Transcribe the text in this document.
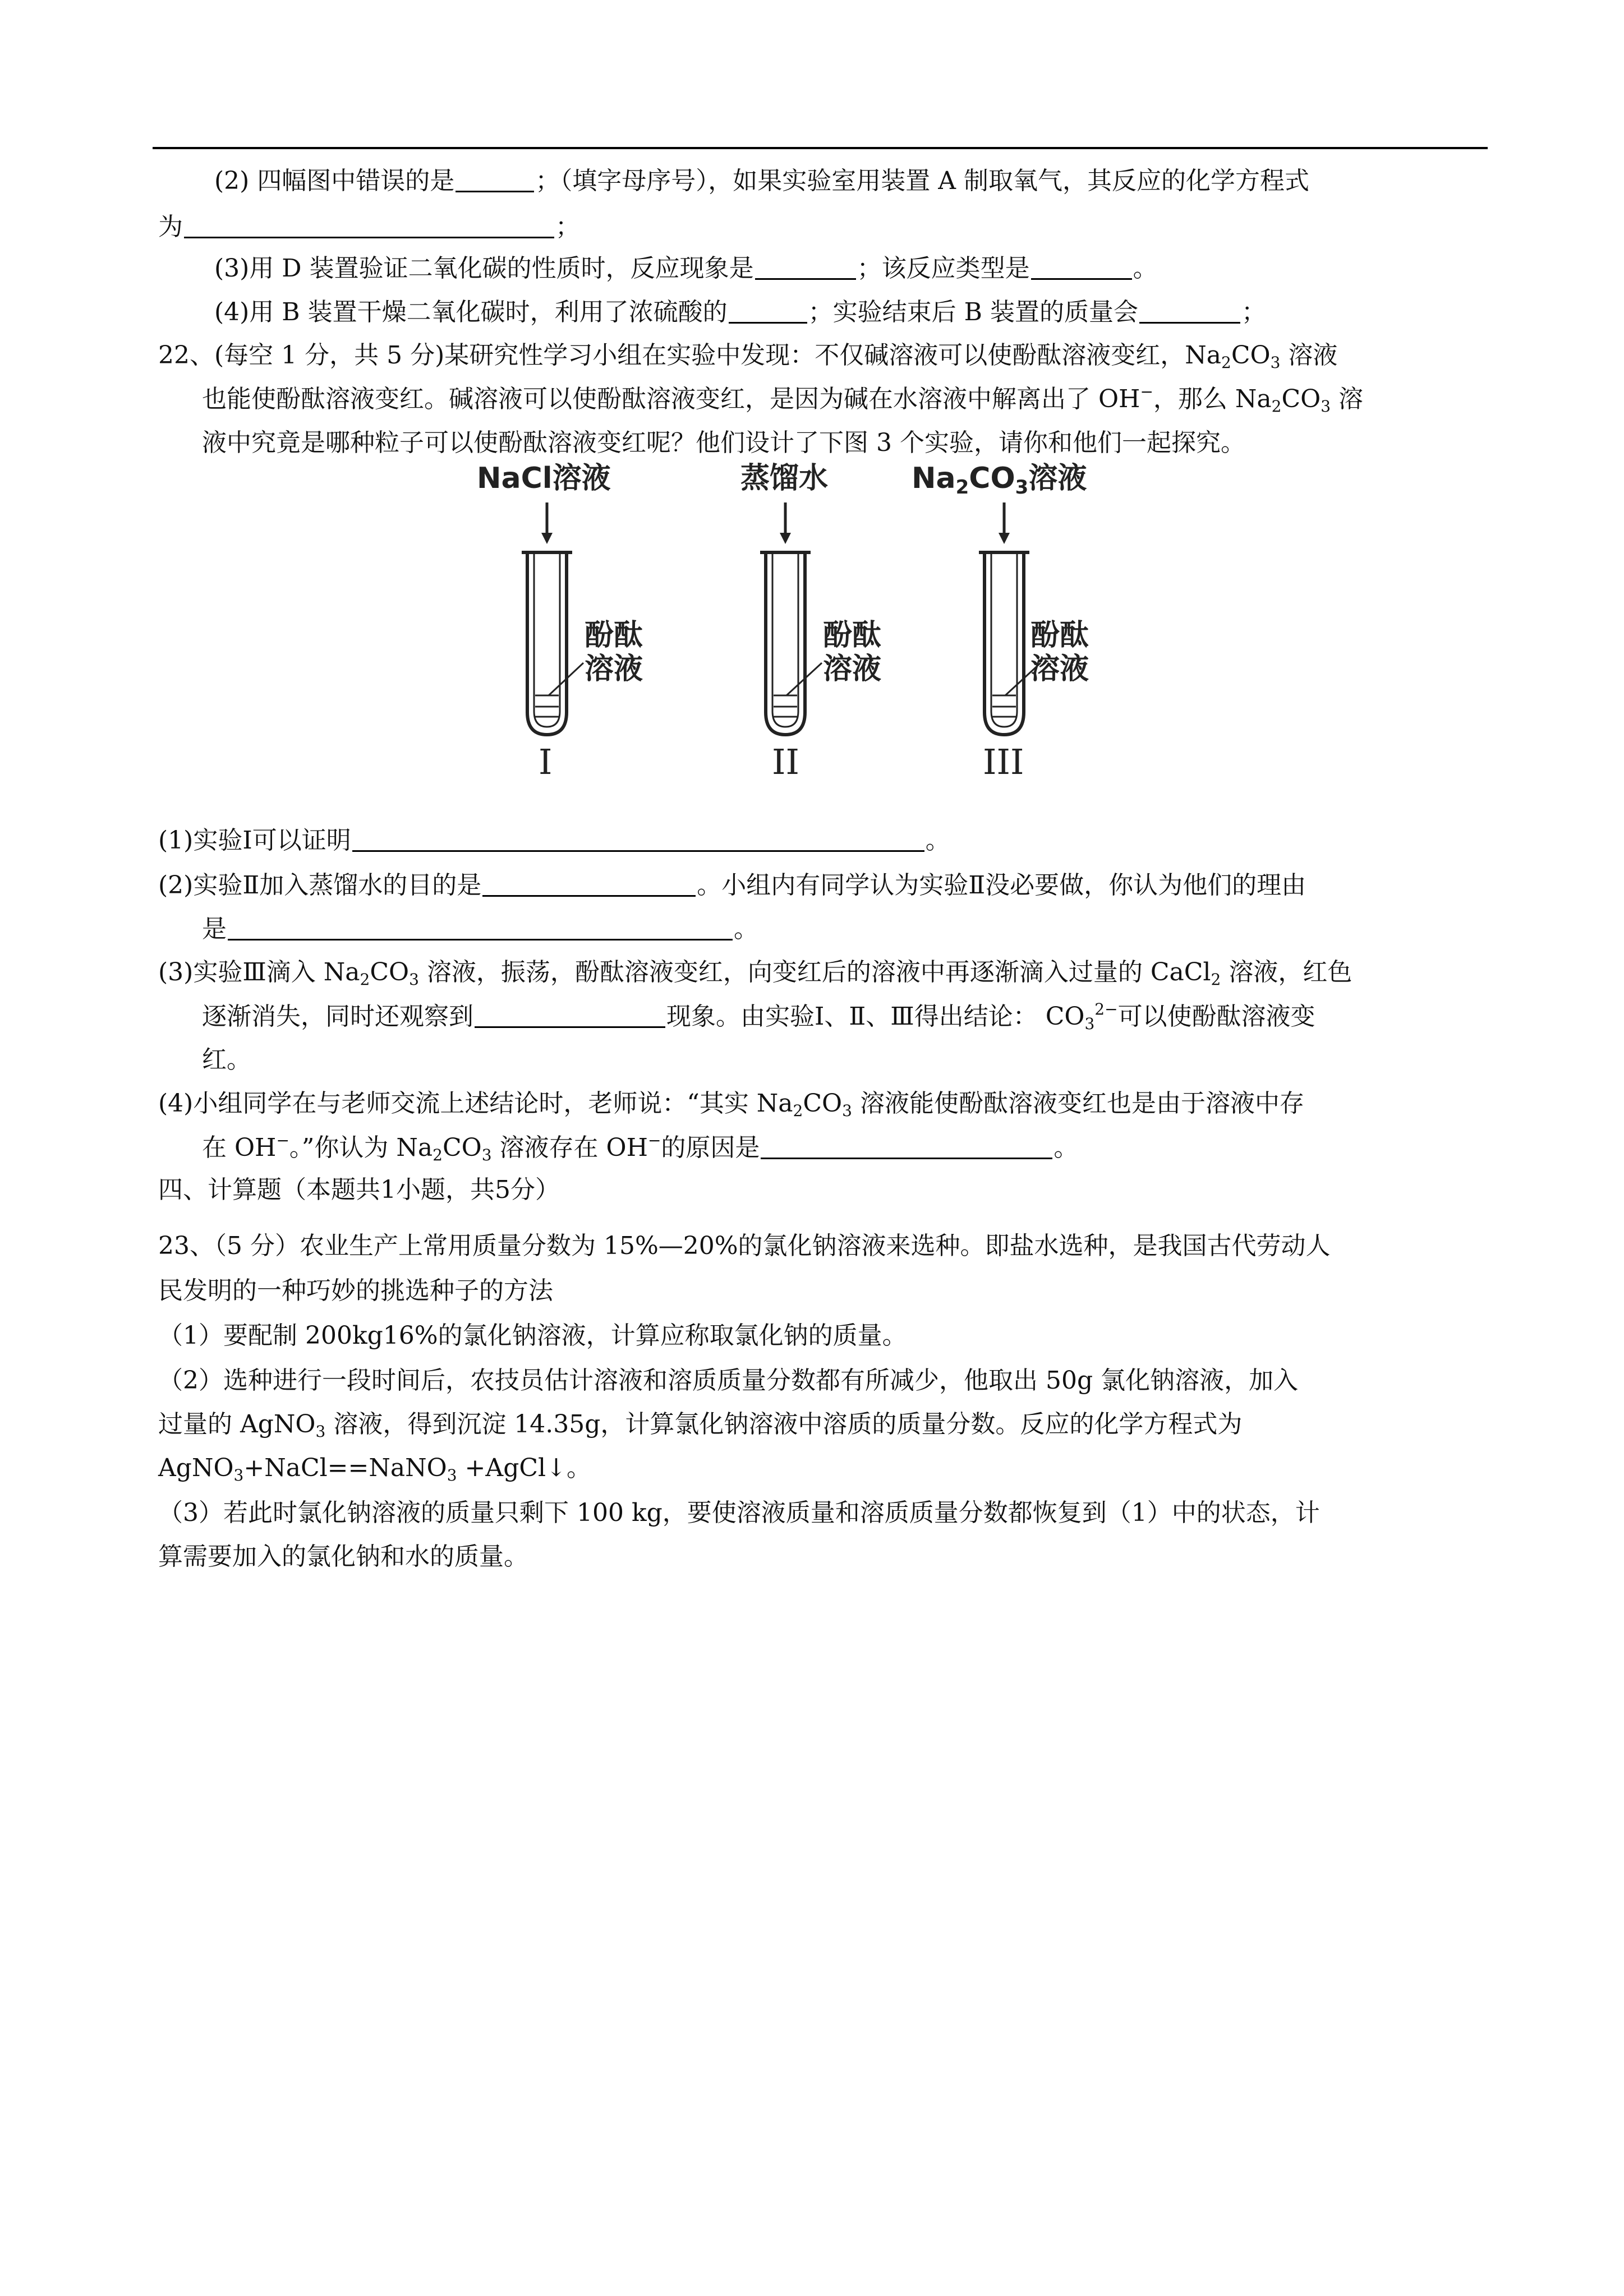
(2) 四幅图中错误的是	；（填字母序号），如果实验室用装置 A 制取氧气，其反应的化学方程式
为	；
(3)用 D 装置验证二氧化碳的性质时，反应现象是	；该反应类型是	。
(4)用 B 装置干燥二氧化碳时，利用了浓硫酸的	；实验结束后 B 装置的质量会	；
22、(每空 1 分，共 5 分)某研究性学习小组在实验中发现：不仅碱溶液可以使酚酞溶液变红，$Na_2CO_3$ 溶液
也能使酚酞溶液变红。碱溶液可以使酚酞溶液变红，是因为碱在水溶液中解离出了 OH−，那么 $Na_2CO_3$ 溶
液中究竟是哪种粒子可以使酚酞溶液变红呢？他们设计了下图 3 个实验，请你和他们一起探究。
NaCl溶液
酚酞
溶液
I
蒸馏水
酚酞
溶液
II
Na2CO3溶液
酚酞
溶液
III
(1)实验Ⅰ可以证明	。
(2)实验Ⅱ加入蒸馏水的目的是	。小组内有同学认为实验Ⅱ没必要做，你认为他们的理由
是	。
(3)实验Ⅲ滴入 $Na_2CO_3$ 溶液，振荡，酚酞溶液变红，向变红后的溶液中再逐渐滴入过量的 CaCl$_2$ 溶液，红色
逐渐消失，同时还观察到	现象。由实验Ⅰ、Ⅱ、Ⅲ得出结论： $CO_3^{2-}$可以使酚酞溶液变
红。
(4)小组同学在与老师交流上述结论时，老师说：“其实 $Na_2CO_3$ 溶液能使酚酞溶液变红也是由于溶液中存
在 OH−。”你认为 $Na_2CO_3$ 溶液存在 OH−的原因是	。
四、计算题（本题共1小题，共5分）
23、（5 分）农业生产上常用质量分数为 15%—20%的氯化钠溶液来选种。即盐水选种，是我国古代劳动人
民发明的一种巧妙的挑选种子的方法
（1）要配制 200kg16%的氯化钠溶液，计算应称取氯化钠的质量。
（2）选种进行一段时间后，农技员估计溶液和溶质质量分数都有所减少，他取出 50g 氯化钠溶液，加入
过量的 AgNO$_3$ 溶液，得到沉淀 14.35g，计算氯化钠溶液中溶质的质量分数。反应的化学方程式为
AgNO$_3$+NaCl==NaNO$_3$ +AgCl↓。
（3）若此时氯化钠溶液的质量只剩下 100 kg，要使溶液质量和溶质质量分数都恢复到（1）中的状态，计
算需要加入的氯化钠和水的质量。
